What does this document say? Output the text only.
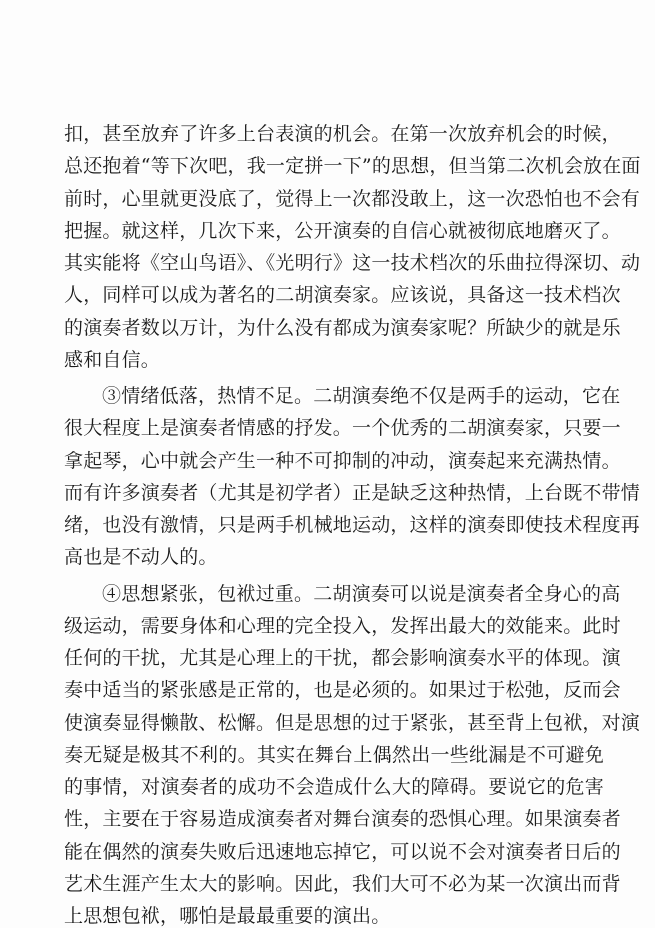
扣，甚至放弃了许多上台表演的机会。在第一次放弃机会的时候，
总还抱着“等下次吧，我一定拼一下”的思想，但当第二次机会放在面
前时，心里就更没底了，觉得上一次都没敢上，这一次恐怕也不会有
把握。就这样，几次下来，公开演奏的自信心就被彻底地磨灭了。
其实能将《空山鸟语》、《光明行》这一技术档次的乐曲拉得深切、动
人，同样可以成为著名的二胡演奏家。应该说，具备这一技术档次
的演奏者数以万计，为什么没有都成为演奏家呢？所缺少的就是乐
感和自信。
③情绪低落，热情不足。二胡演奏绝不仅是两手的运动，它在
很大程度上是演奏者情感的抒发。一个优秀的二胡演奏家，只要一
拿起琴，心中就会产生一种不可抑制的冲动，演奏起来充满热情。
而有许多演奏者（尤其是初学者）正是缺乏这种热情，上台既不带情
绪，也没有激情，只是两手机械地运动，这样的演奏即使技术程度再
高也是不动人的。
④思想紧张，包袱过重。二胡演奏可以说是演奏者全身心的高
级运动，需要身体和心理的完全投入，发挥出最大的效能来。此时
任何的干扰，尤其是心理上的干扰，都会影响演奏水平的体现。演
奏中适当的紧张感是正常的，也是必须的。如果过于松弛，反而会
使演奏显得懒散、松懈。但是思想的过于紧张，甚至背上包袱，对演
奏无疑是极其不利的。其实在舞台上偶然出一些纰漏是不可避免
的事情，对演奏者的成功不会造成什么大的障碍。要说它的危害
性，主要在于容易造成演奏者对舞台演奏的恐惧心理。如果演奏者
能在偶然的演奏失败后迅速地忘掉它，可以说不会对演奏者日后的
艺术生涯产生太大的影响。因此，我们大可不必为某一次演出而背
上思想包袱，哪怕是最最重要的演出。
